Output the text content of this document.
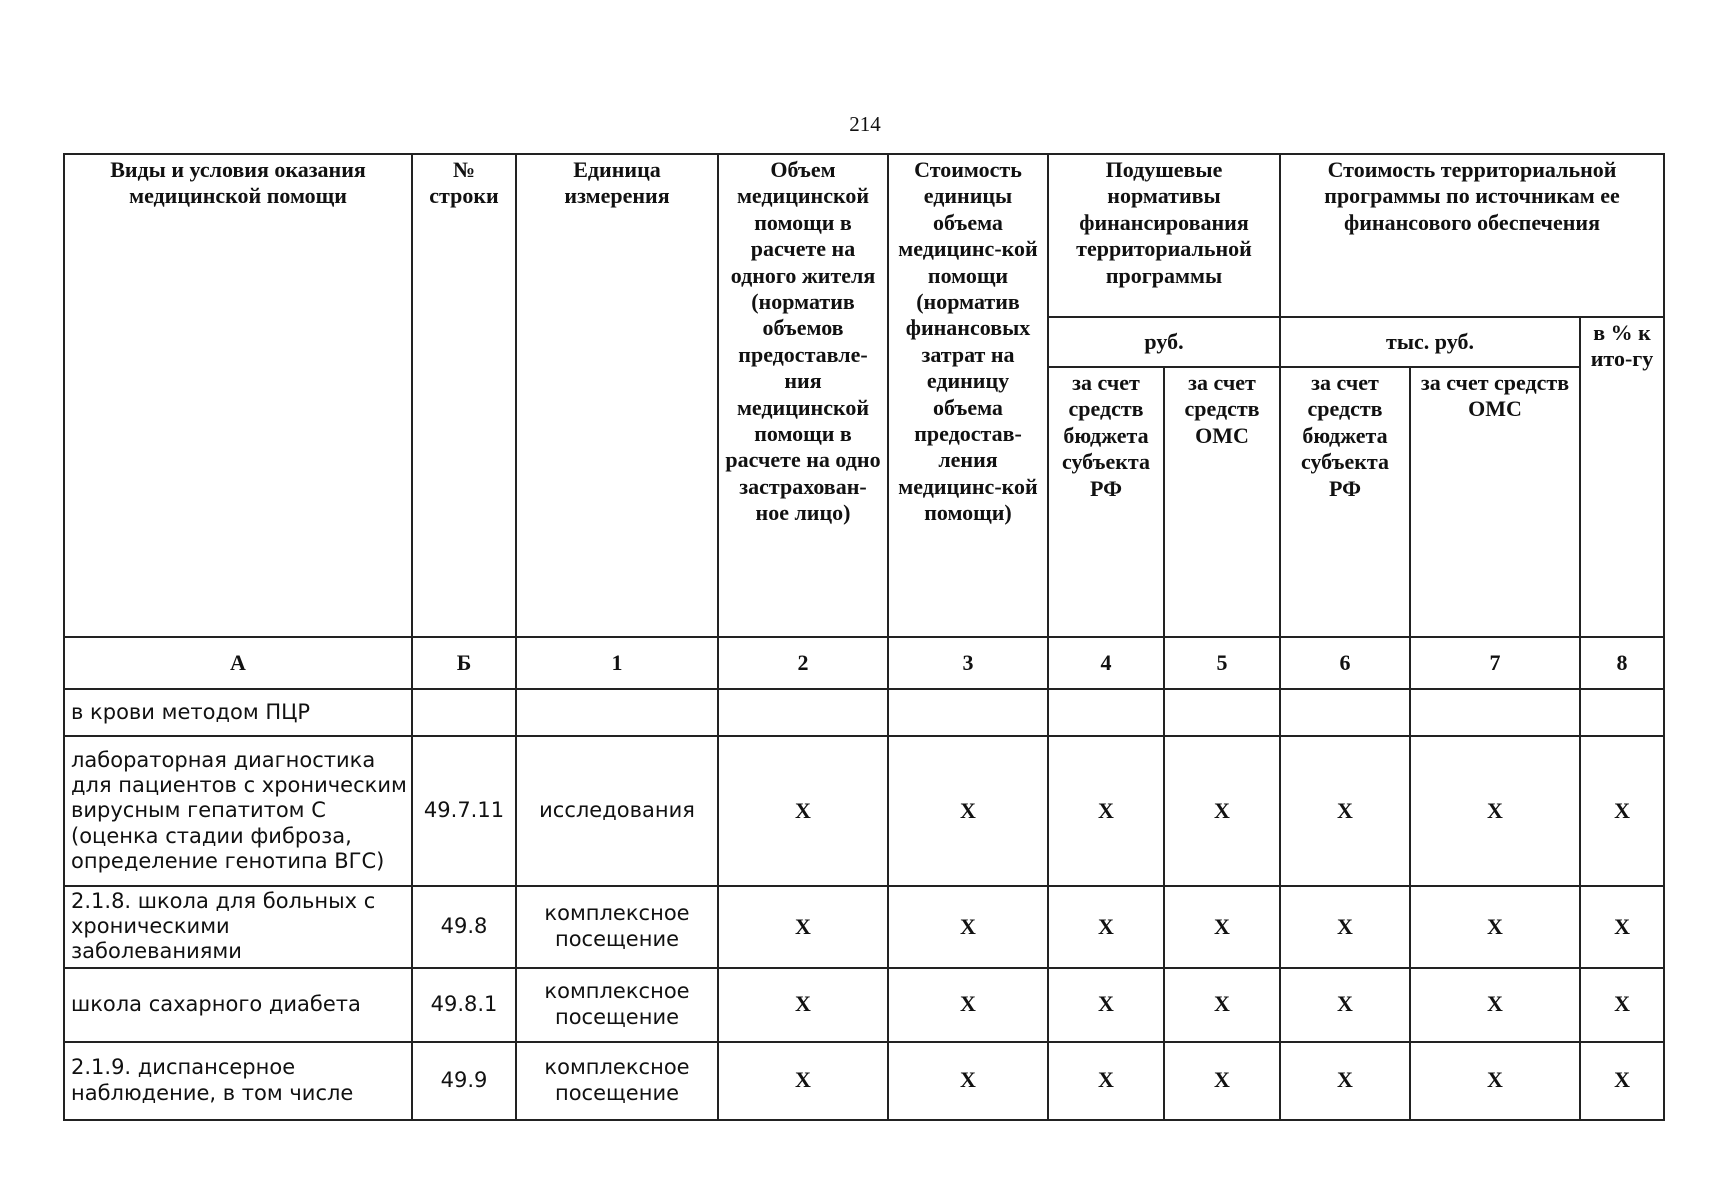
214
Виды и условия оказания медицинской помощи	№ строки	Единица измерения	Объем медицинской помощи в расчете на одного жителя (норматив объемов предоставле-ния медицинской помощи в расчете на одно застрахован-ное лицо)	Стоимость единицы объема медицинс-кой помощи (норматив финансовых затрат на единицу объема предостав-ления медицинс-кой помощи)	Подушевые нормативы финансирования территориальной программы		Стоимость территориальной программы по источникам ее финансового обеспечения		
					руб.		тыс. руб.		в % к ито-гу
					за счет средств бюджета субъекта РФ	за счет средств ОМС	за счет средств бюджета субъекта РФ	за счет средств ОМС	
А	Б	1	2	3	4	5	6	7	8
в крови методом ПЦР									
лабораторная диагностика для пациентов с хроническим вирусным гепатитом С (оценка стадии фиброза, определение генотипа ВГС)	49.7.11	исследования	Х	Х	Х	Х	Х	Х	Х
2.1.8. школа для больных с хроническими заболеваниями	49.8	комплексное посещение	Х	Х	Х	Х	Х	Х	Х
школа сахарного диабета	49.8.1	комплексное посещение	Х	Х	Х	Х	Х	Х	Х
2.1.9. диспансерное наблюдение, в том числе	49.9	комплексное посещение	Х	Х	Х	Х	Х	Х	Х
